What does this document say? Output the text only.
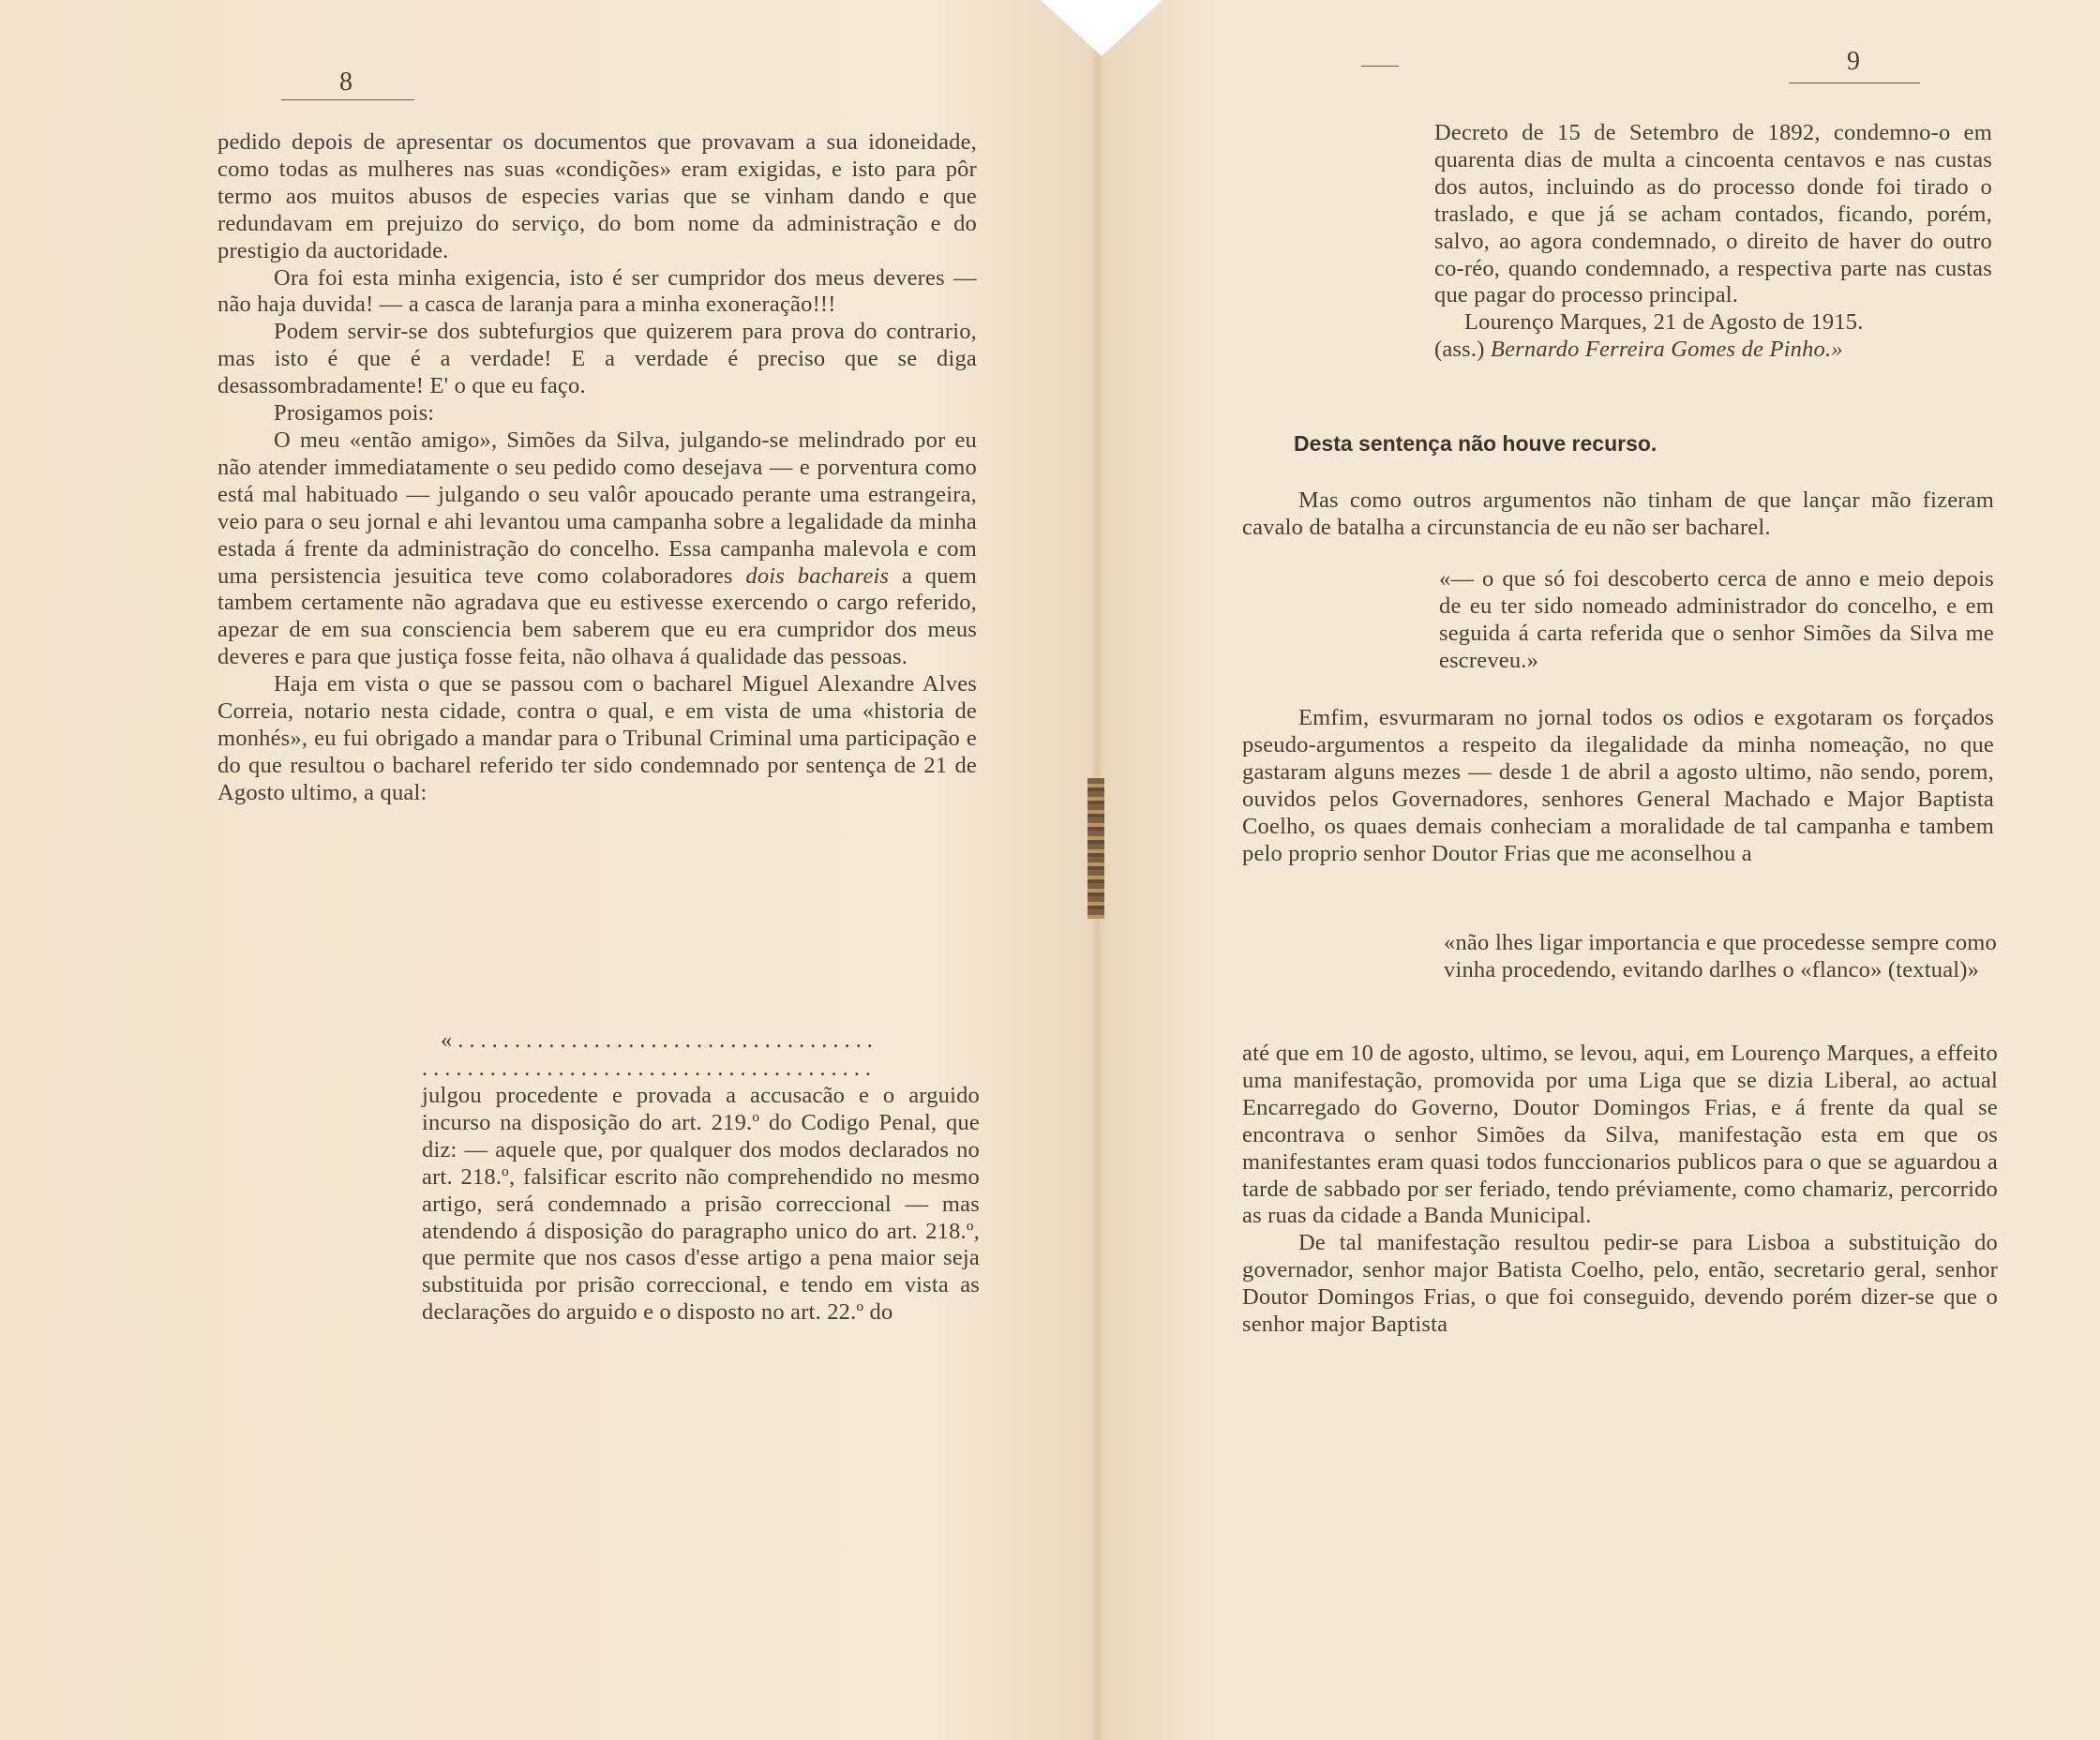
8

pedido depois de apresentar os documentos que provavam a sua idoneidade, como todas as mulheres nas suas «condições» eram exigidas, e isto para pôr termo aos muitos abusos de especies varias que se vinham dando e que redundavam em prejuizo do serviço, do bom nome da administração e do prestigio da auctoridade.

Ora foi esta minha exigencia, isto é ser cumpridor dos meus deveres — não haja duvida! — a casca de laranja para a minha exoneração!!!

Podem servir-se dos subtefurgios que quizerem para prova do contrario, mas isto é que é a verdade! E a verdade é preciso que se diga desassombradamente! E' o que eu faço.

Prosigamos pois:

O meu «então amigo», Simões da Silva, julgando-se melindrado por eu não atender immediatamente o seu pedido como desejava — e porventura como está mal habituado — julgando o seu valôr apoucado perante uma estrangeira, veio para o seu jornal e ahi levantou uma campanha sobre a legalidade da minha estada á frente da administração do concelho. Essa campanha malevola e com uma persistencia jesuitica teve como colaboradores dois bachareis a quem tambem certamente não agradava que eu estivesse exercendo o cargo referido, apezar de em sua consciencia bem saberem que eu era cumpridor dos meus deveres e para que justiça fosse feita, não olhava á qualidade das pessoas.

Haja em vista o que se passou com o bacharel Miguel Alexandre Alves Correia, notario nesta cidade, contra o qual, e em vista de uma «historia de monhés», eu fui obrigado a mandar para o Tribunal Criminal uma participação e do que resultou o bacharel referido ter sido condemnado por sentença de 21 de Agosto ultimo, a qual:

«.....................................
........................................

julgou procedente e provada a accusacão e o arguido incurso na disposição do art. 219.º do Codigo Penal, que diz: — aquele que, por qualquer dos modos declarados no art. 218.º, falsificar escrito não comprehendido no mesmo artigo, será condemnado a prisão correccional — mas atendendo á disposição do paragrapho unico do art. 218.º, que permite que nos casos d'esse artigo a pena maior seja substituida por prisão correccional, e tendo em vista as declarações do arguido e o disposto no art. 22.º do

9

Decreto de 15 de Setembro de 1892, condemno-o em quarenta dias de multa a cincoenta centavos e nas custas dos autos, incluindo as do processo donde foi tirado o traslado, e que já se acham contados, ficando, porém, salvo, ao agora condemnado, o direito de haver do outro co-réo, quando condemnado, a respectiva parte nas custas que pagar do processo principal.

Lourenço Marques, 21 de Agosto de 1915.

(ass.) Bernardo Ferreira Gomes de Pinho.»

Desta sentença não houve recurso.

Mas como outros argumentos não tinham de que lançar mão fizeram cavalo de batalha a circunstancia de eu não ser bacharel.

«— o que só foi descoberto cerca de anno e meio depois de eu ter sido nomeado administrador do concelho, e em seguida á carta referida que o senhor Simões da Silva me escreveu.»

Emfim, esvurmaram no jornal todos os odios e exgotaram os forçados pseudo-argumentos a respeito da ilegalidade da minha nomeação, no que gastaram alguns mezes — desde 1 de abril a agosto ultimo, não sendo, porem, ouvidos pelos Governadores, senhores General Machado e Major Baptista Coelho, os quaes demais conheciam a moralidade de tal campanha e tambem pelo proprio senhor Doutor Frias que me aconselhou a

«não lhes ligar importancia e que procedesse sempre como vinha procedendo, evitando darlhes o «flanco» (textual)»

até que em 10 de agosto, ultimo, se levou, aqui, em Lourenço Marques, a effeito uma manifestação, promovida por uma Liga que se dizia Liberal, ao actual Encarregado do Governo, Doutor Domingos Frias, e á frente da qual se encontrava o senhor Simões da Silva, manifestação esta em que os manifestantes eram quasi todos funccionarios publicos para o que se aguardou a tarde de sabbado por ser feriado, tendo préviamente, como chamariz, percorrido as ruas da cidade a Banda Municipal.

De tal manifestação resultou pedir-se para Lisboa a substituição do governador, senhor major Batista Coelho, pelo, então, secretario geral, senhor Doutor Domingos Frias, o que foi conseguido, devendo porém dizer-se que o senhor major Baptista
